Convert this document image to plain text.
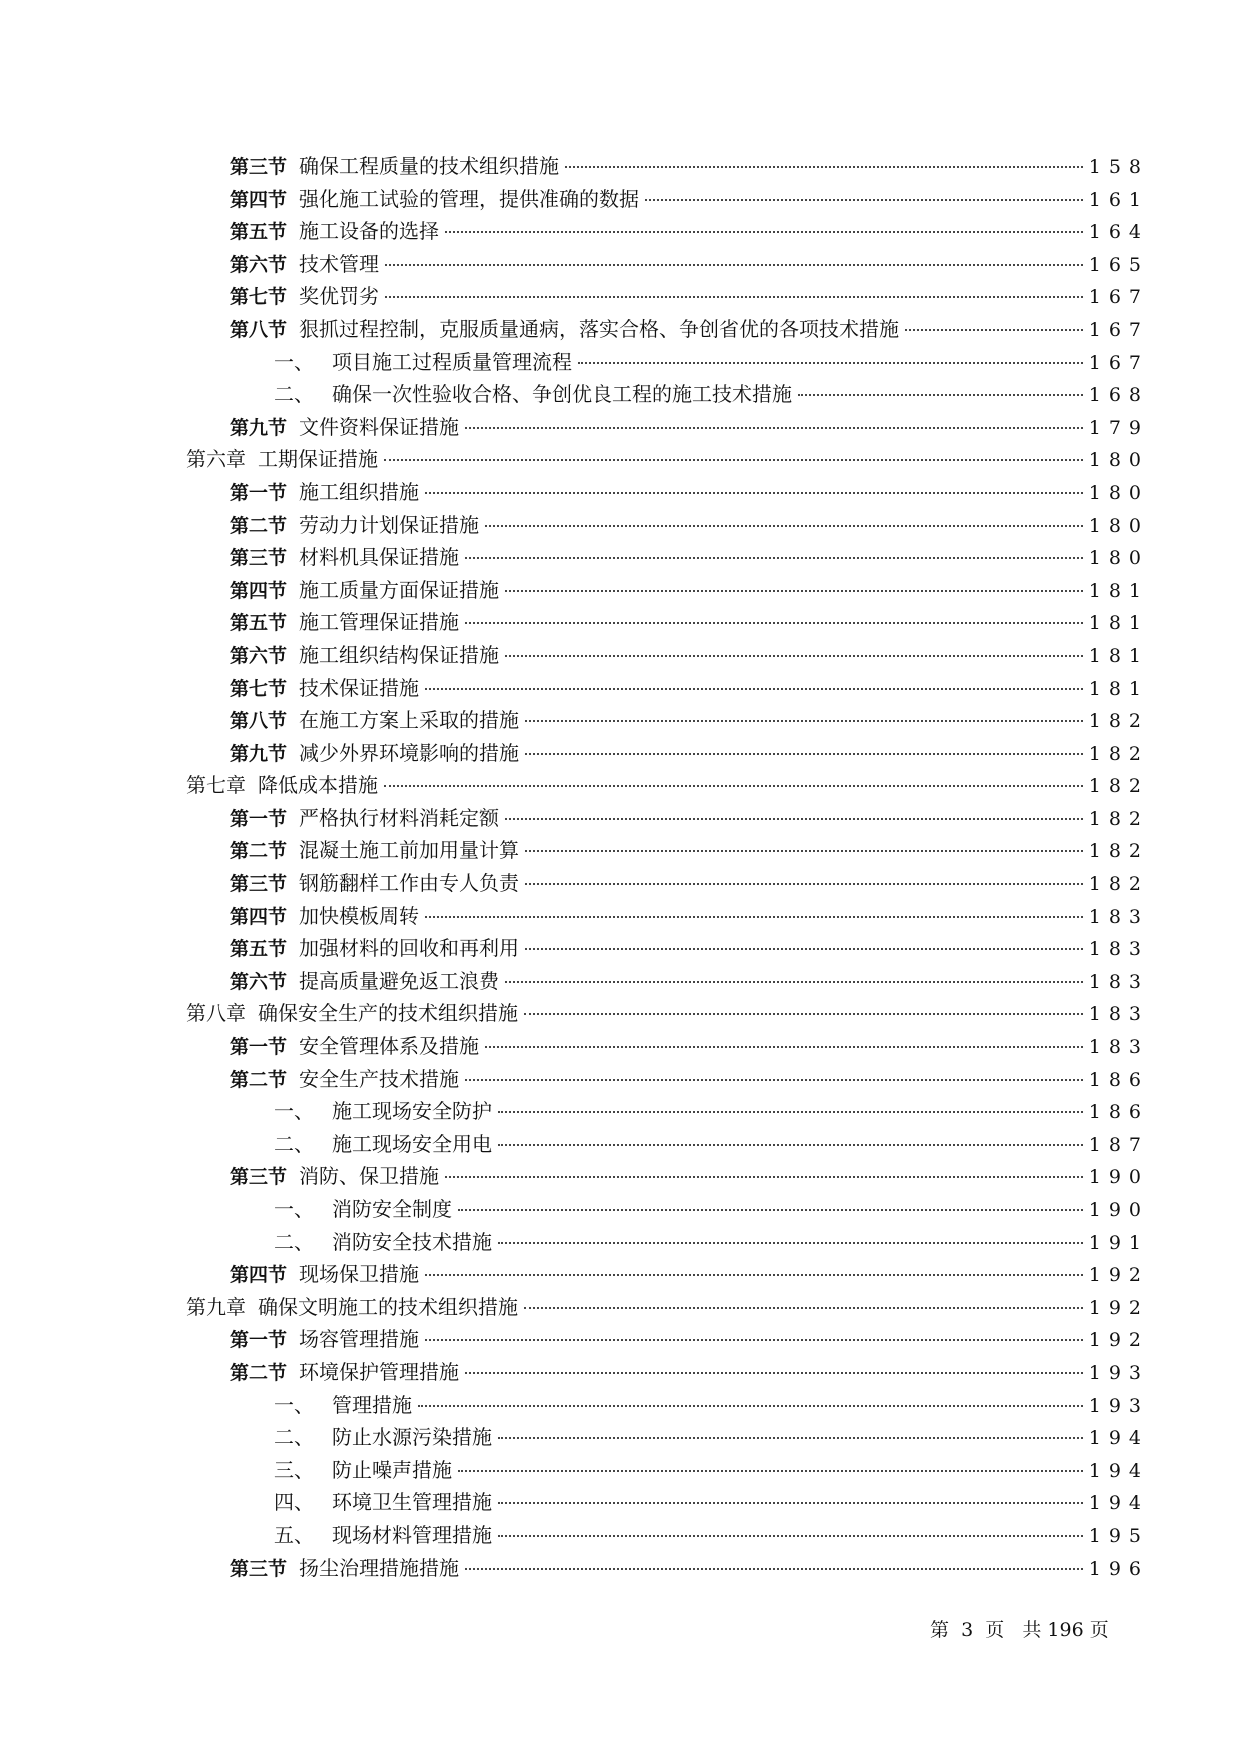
第三节 确保工程质量的技术组织措施	158
第四节 强化施工试验的管理，提供准确的数据	161
第五节 施工设备的选择	164
第六节 技术管理	165
第七节 奖优罚劣	167
第八节 狠抓过程控制，克服质量通病，落实合格、争创省优的各项技术措施	167
一、 项目施工过程质量管理流程	167
二、 确保一次性验收合格、争创优良工程的施工技术措施	168
第九节 文件资料保证措施	179
第六章 工期保证措施	180
第一节 施工组织措施	180
第二节 劳动力计划保证措施	180
第三节 材料机具保证措施	180
第四节 施工质量方面保证措施	181
第五节 施工管理保证措施	181
第六节 施工组织结构保证措施	181
第七节 技术保证措施	181
第八节 在施工方案上采取的措施	182
第九节 减少外界环境影响的措施	182
第七章 降低成本措施	182
第一节 严格执行材料消耗定额	182
第二节 混凝土施工前加用量计算	182
第三节 钢筋翻样工作由专人负责	182
第四节 加快模板周转	183
第五节 加强材料的回收和再利用	183
第六节 提高质量避免返工浪费	183
第八章 确保安全生产的技术组织措施	183
第一节 安全管理体系及措施	183
第二节 安全生产技术措施	186
一、 施工现场安全防护	186
二、 施工现场安全用电	187
第三节 消防、保卫措施	190
一、 消防安全制度	190
二、 消防安全技术措施	191
第四节 现场保卫措施	192
第九章 确保文明施工的技术组织措施	192
第一节 场容管理措施	192
第二节 环境保护管理措施	193
一、 管理措施	193
二、 防止水源污染措施	194
三、 防止噪声措施	194
四、 环境卫生管理措施	194
五、 现场材料管理措施	195
第三节 扬尘治理措施措施	196
第  3  页   共 196 页
